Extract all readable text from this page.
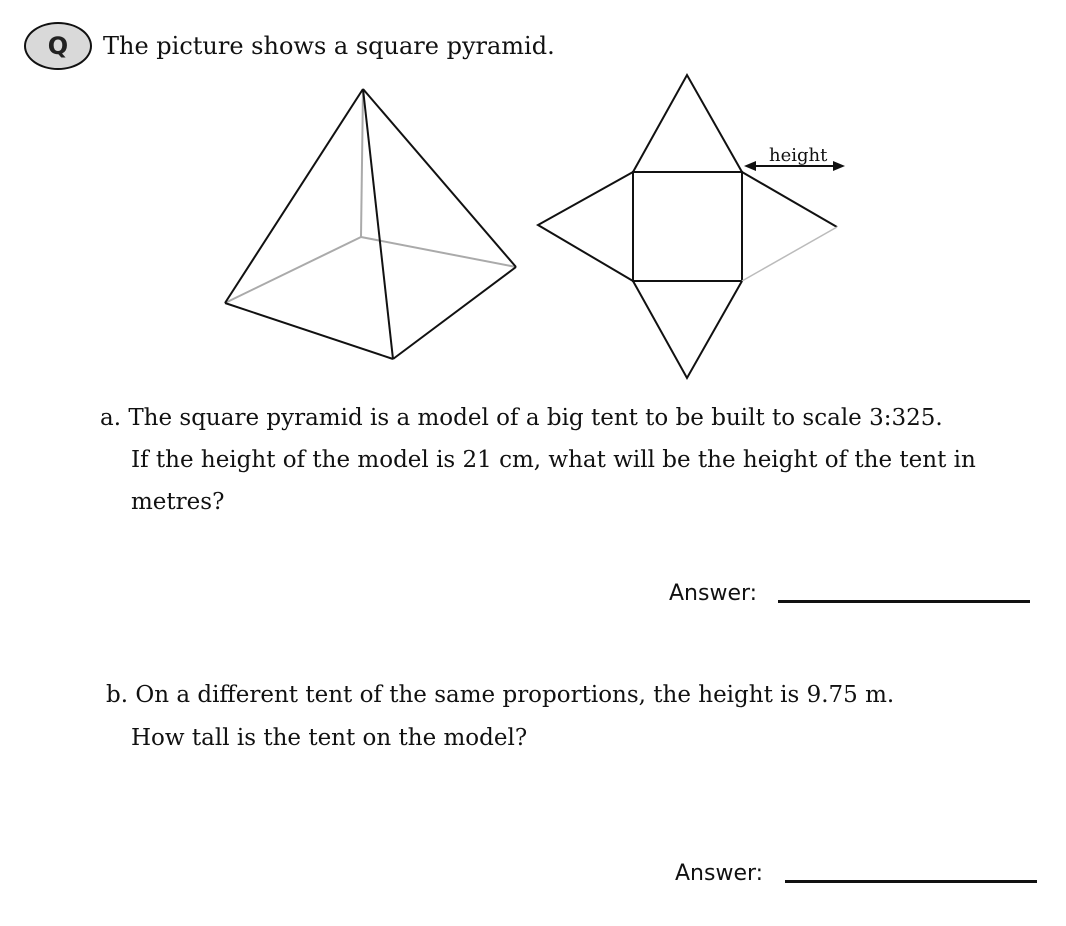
Q	The picture shows a square pyramid.
height
a. The square pyramid is a model of a big tent to be built to scale 3:325.
If the height of the model is 21 cm, what will be the height of the tent in
metres?
Answer:
b. On a different tent of the same proportions, the height is 9.75 m.
How tall is the tent on the model?
Answer:
